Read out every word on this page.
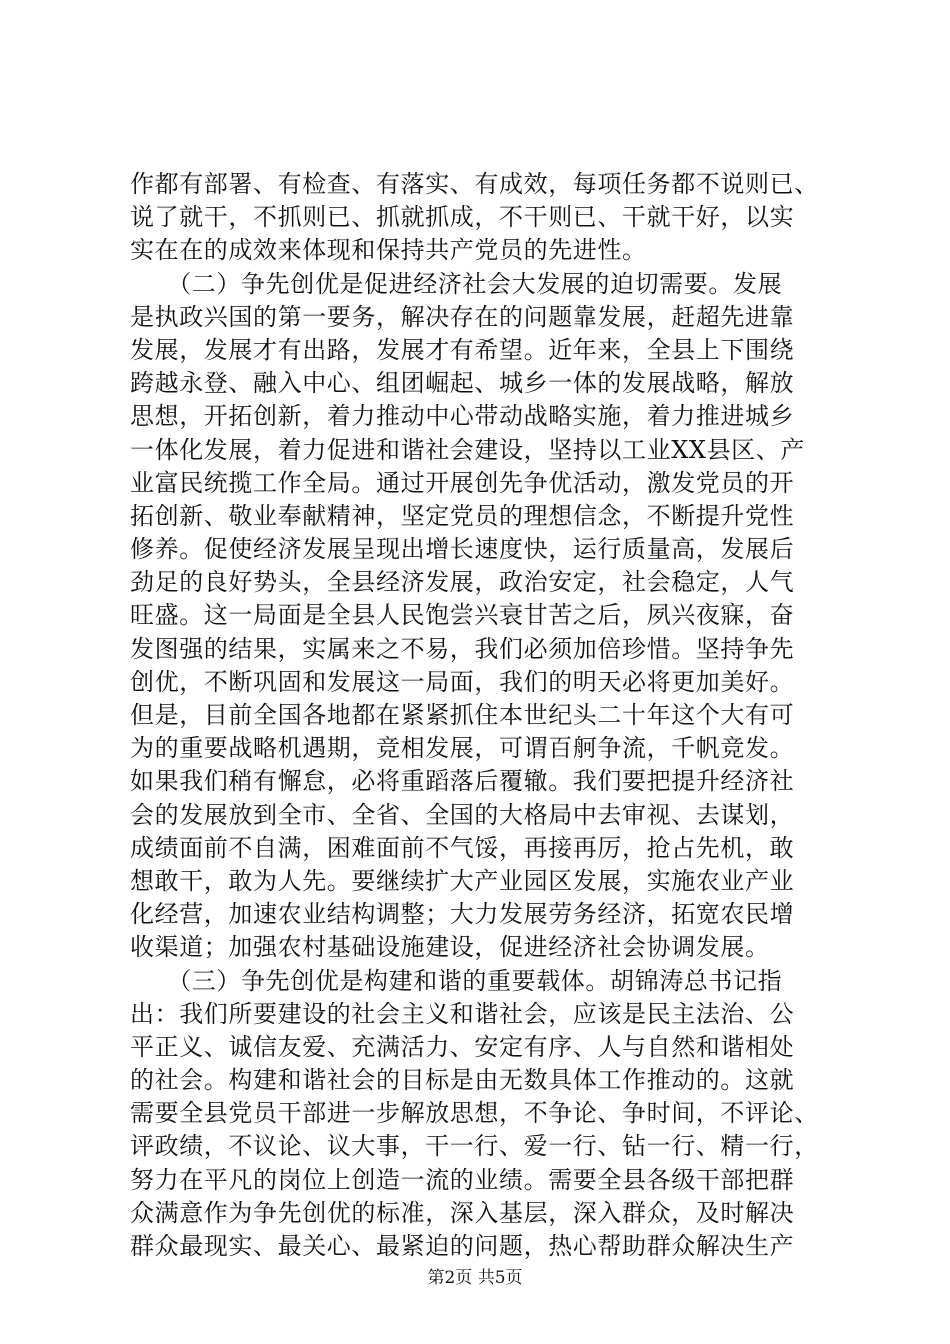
作都有部署、有检查、有落实、有成效，每项任务都不说则已、
说了就干，不抓则已、抓就抓成，不干则已、干就干好，以实
实在在的成效来体现和保持共产党员的先进性。
　　（二）争先创优是促进经济社会大发展的迫切需要。发展
是执政兴国的第一要务，解决存在的问题靠发展，赶超先进靠
发展，发展才有出路，发展才有希望。近年来，全县上下围绕
跨越永登、融入中心、组团崛起、城乡一体的发展战略，解放
思想，开拓创新，着力推动中心带动战略实施，着力推进城乡
一体化发展，着力促进和谐社会建设，坚持以工业XX县区、产
业富民统揽工作全局。通过开展创先争优活动，激发党员的开
拓创新、敬业奉献精神，坚定党员的理想信念，不断提升党性
修养。促使经济发展呈现出增长速度快，运行质量高，发展后
劲足的良好势头，全县经济发展，政治安定，社会稳定，人气
旺盛。这一局面是全县人民饱尝兴衰甘苦之后，夙兴夜寐，奋
发图强的结果，实属来之不易，我们必须加倍珍惜。坚持争先
创优，不断巩固和发展这一局面，我们的明天必将更加美好。
但是，目前全国各地都在紧紧抓住本世纪头二十年这个大有可
为的重要战略机遇期，竞相发展，可谓百舸争流，千帆竞发。
如果我们稍有懈怠，必将重蹈落后覆辙。我们要把提升经济社
会的发展放到全市、全省、全国的大格局中去审视、去谋划，
成绩面前不自满，困难面前不气馁，再接再厉，抢占先机，敢
想敢干，敢为人先。要继续扩大产业园区发展，实施农业产业
化经营，加速农业结构调整；大力发展劳务经济，拓宽农民增
收渠道；加强农村基础设施建设，促进经济社会协调发展。
　　（三）争先创优是构建和谐的重要载体。胡锦涛总书记指
出：我们所要建设的社会主义和谐社会，应该是民主法治、公
平正义、诚信友爱、充满活力、安定有序、人与自然和谐相处
的社会。构建和谐社会的目标是由无数具体工作推动的。这就
需要全县党员干部进一步解放思想，不争论、争时间，不评论、
评政绩，不议论、议大事，干一行、爱一行、钻一行、精一行，
努力在平凡的岗位上创造一流的业绩。需要全县各级干部把群
众满意作为争先创优的标准，深入基层，深入群众，及时解决
群众最现实、最关心、最紧迫的问题，热心帮助群众解决生产
第2页 共5页
